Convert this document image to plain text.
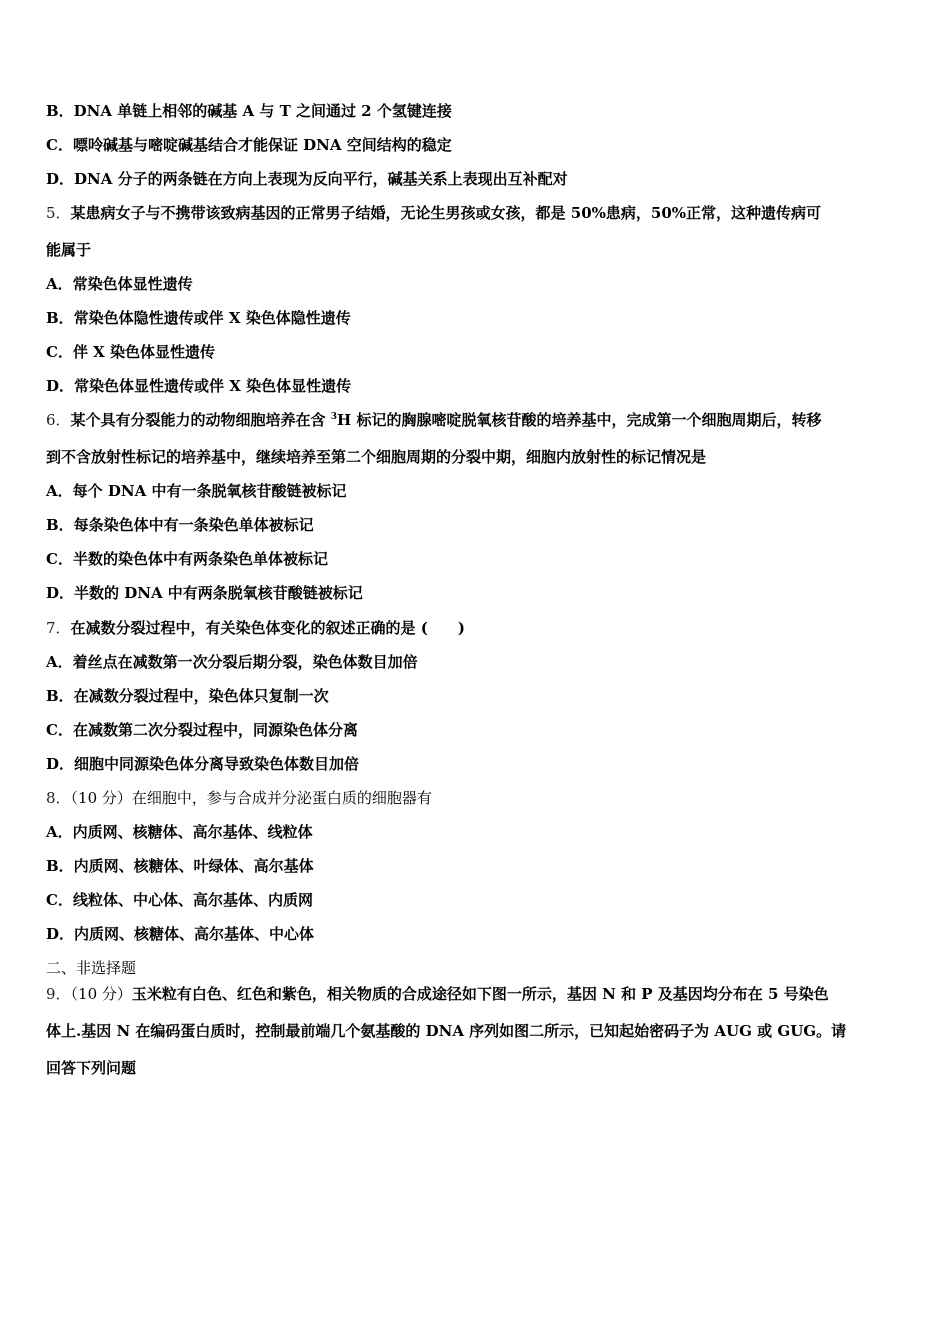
B．DNA 单链上相邻的碱基 A 与 T 之间通过 2 个氢键连接
C．嘌呤碱基与嘧啶碱基结合才能保证 DNA 空间结构的稳定
D．DNA 分子的两条链在方向上表现为反向平行，碱基关系上表现出互补配对
5．某患病女子与不携带该致病基因的正常男子结婚，无论生男孩或女孩，都是 50%患病，50%正常，这种遗传病可
能属于
A．常染色体显性遗传
B．常染色体隐性遗传或伴 X 染色体隐性遗传
C．伴 X 染色体显性遗传
D．常染色体显性遗传或伴 X 染色体显性遗传
6．某个具有分裂能力的动物细胞培养在含 $^3$H 标记的胸腺嘧啶脱氧核苷酸的培养基中，完成第一个细胞周期后，转移
到不含放射性标记的培养基中，继续培养至第二个细胞周期的分裂中期，细胞内放射性的标记情况是
A．每个 DNA 中有一条脱氧核苷酸链被标记
B．每条染色体中有一条染色单体被标记
C．半数的染色体中有两条染色单体被标记
D．半数的 DNA 中有两条脱氧核苷酸链被标记
7．在减数分裂过程中，有关染色体变化的叙述正确的是 (　　)
A．着丝点在减数第一次分裂后期分裂，染色体数目加倍
B．在减数分裂过程中，染色体只复制一次
C．在减数第二次分裂过程中，同源染色体分离
D．细胞中同源染色体分离导致染色体数目加倍
8．（10 分）在细胞中，参与合成并分泌蛋白质的细胞器有
A．内质网、核糖体、高尔基体、线粒体
B．内质网、核糖体、叶绿体、高尔基体
C．线粒体、中心体、高尔基体、内质网
D．内质网、核糖体、高尔基体、中心体
二、非选择题
9．（10 分）玉米粒有白色、红色和紫色，相关物质的合成途径如下图一所示，基因 N 和 P 及基因均分布在 5 号染色
体上.基因 N 在编码蛋白质时，控制最前端几个氨基酸的 DNA 序列如图二所示，已知起始密码子为 AUG 或 GUG。请
回答下列问题
